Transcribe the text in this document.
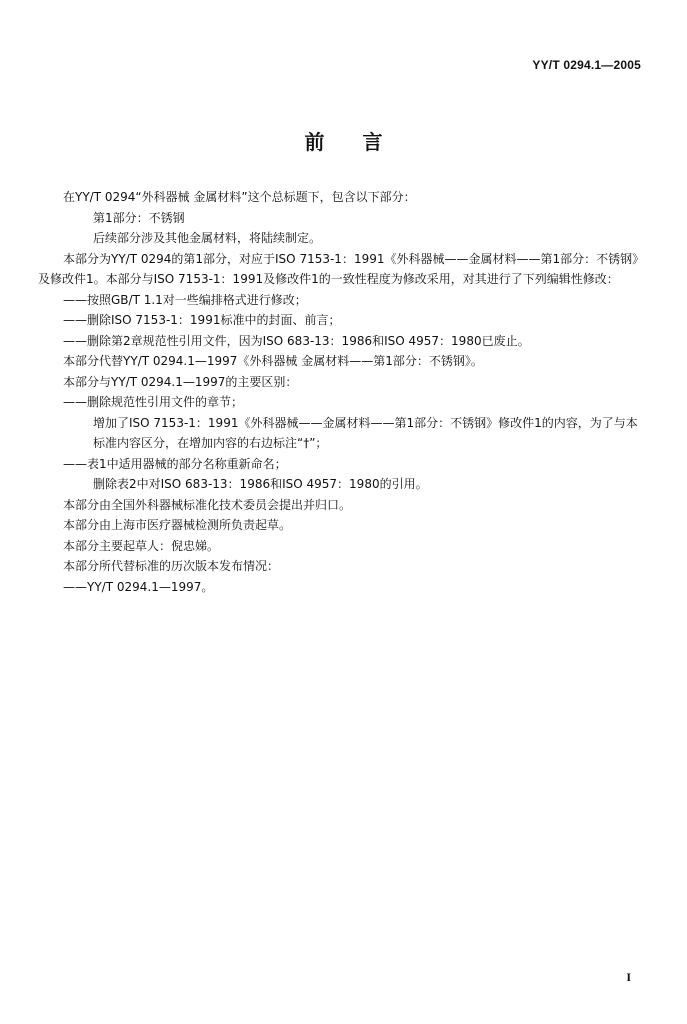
YY/T 0294.1—2005
前言

在YY/T 0294“外科器械 金属材料”这个总标题下，包含以下部分：

第1部分：不锈钢

后续部分涉及其他金属材料，将陆续制定。

本部分为YY/T 0294的第1部分，对应于ISO 7153-1：1991《外科器械——金属材料——第1部分：不锈钢》及修改件1。本部分与ISO 7153-1：1991及修改件1的一致性程度为修改采用，对其进行了下列编辑性修改：

——按照GB/T 1.1对一些编排格式进行修改；

——删除ISO 7153-1：1991标准中的封面、前言；

——删除第2章规范性引用文件，因为ISO 683-13：1986和ISO 4957：1980已废止。

本部分代替YY/T 0294.1—1997《外科器械 金属材料——第1部分：不锈钢》。

本部分与YY/T 0294.1—1997的主要区别：

——删除规范性引用文件的章节；

增加了ISO 7153-1：1991《外科器械——金属材料——第1部分：不锈钢》修改件1的内容，为了与本标准内容区分，在增加内容的右边标注“†”；

——表1中适用器械的部分名称重新命名；

删除表2中对ISO 683-13：1986和ISO 4957：1980的引用。

本部分由全国外科器械标准化技术委员会提出并归口。

本部分由上海市医疗器械检测所负责起草。

本部分主要起草人：倪忠娣。

本部分所代替标准的历次版本发布情况：

——YY/T 0294.1—1997。

I
